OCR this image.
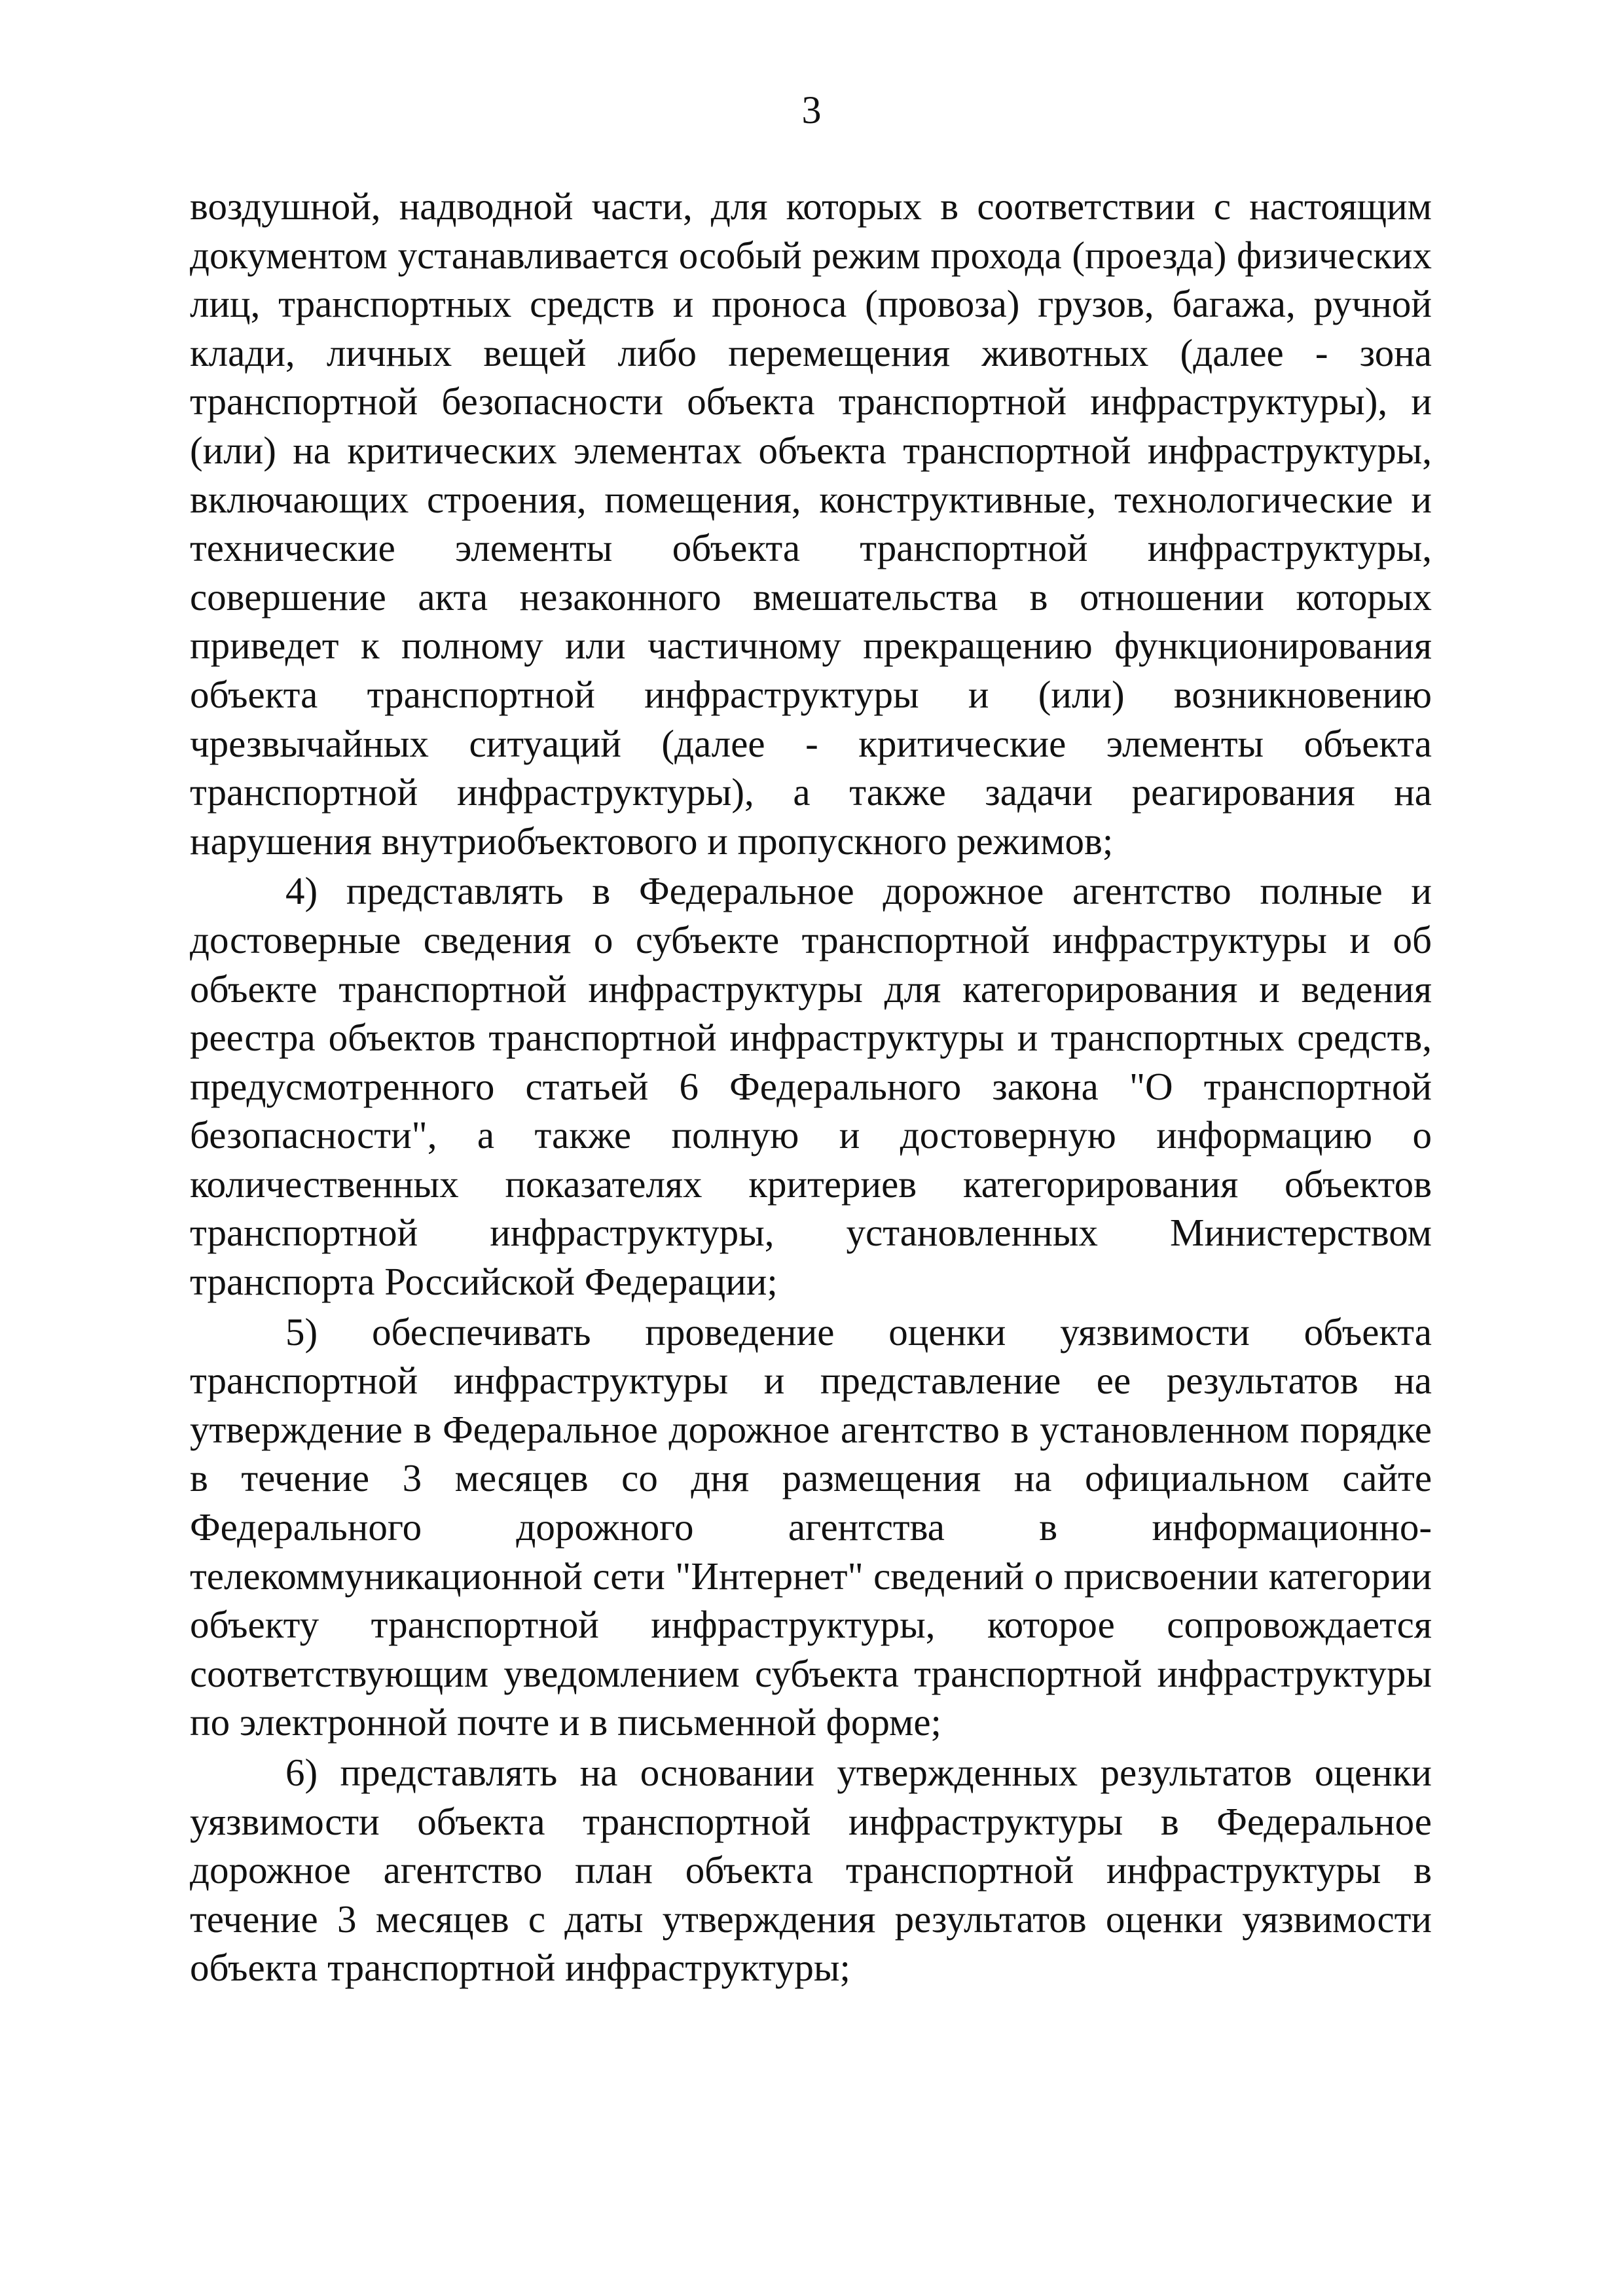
3

воздушной, надводной части, для которых в соответствии с настоящим документом устанавливается особый режим прохода (проезда) физических лиц, транспортных средств и проноса (провоза) грузов, багажа, ручной клади, личных вещей либо перемещения животных (далее - зона транспортной безопасности объекта транспортной инфраструктуры), и (или) на критических элементах объекта транспортной инфраструктуры, включающих строения, помещения, конструктивные, технологические и технические элементы объекта транспортной инфраструктуры, совершение акта незаконного вмешательства в отношении которых приведет к полному или частичному прекращению функционирования объекта транспортной инфраструктуры и (или) возникновению чрезвычайных ситуаций (далее - критические элементы объекта транспортной инфраструктуры), а также задачи реагирования на нарушения внутриобъектового и пропускного режимов;

4) представлять в Федеральное дорожное агентство полные и достоверные сведения о субъекте транспортной инфраструктуры и об объекте транспортной инфраструктуры для категорирования и ведения реестра объектов транспортной инфраструктуры и транспортных средств, предусмотренного статьей 6 Федерального закона "О транспортной безопасности", а также полную и достоверную информацию о количественных показателях критериев категорирования объектов транспортной инфраструктуры, установленных Министерством транспорта Российской Федерации;

5) обеспечивать проведение оценки уязвимости объекта транспортной инфраструктуры и представление ее результатов на утверждение в Федеральное дорожное агентство в установленном порядке в течение 3 месяцев со дня размещения на официальном сайте Федерального дорожного агентства в информационно-телекоммуникационной сети "Интернет" сведений о присвоении категории объекту транспортной инфраструктуры, которое сопровождается соответствующим уведомлением субъекта транспортной инфраструктуры по электронной почте и в письменной форме;

6) представлять на основании утвержденных результатов оценки уязвимости объекта транспортной инфраструктуры в Федеральное дорожное агентство план объекта транспортной инфраструктуры в течение 3 месяцев с даты утверждения результатов оценки уязвимости объекта транспортной инфраструктуры;
